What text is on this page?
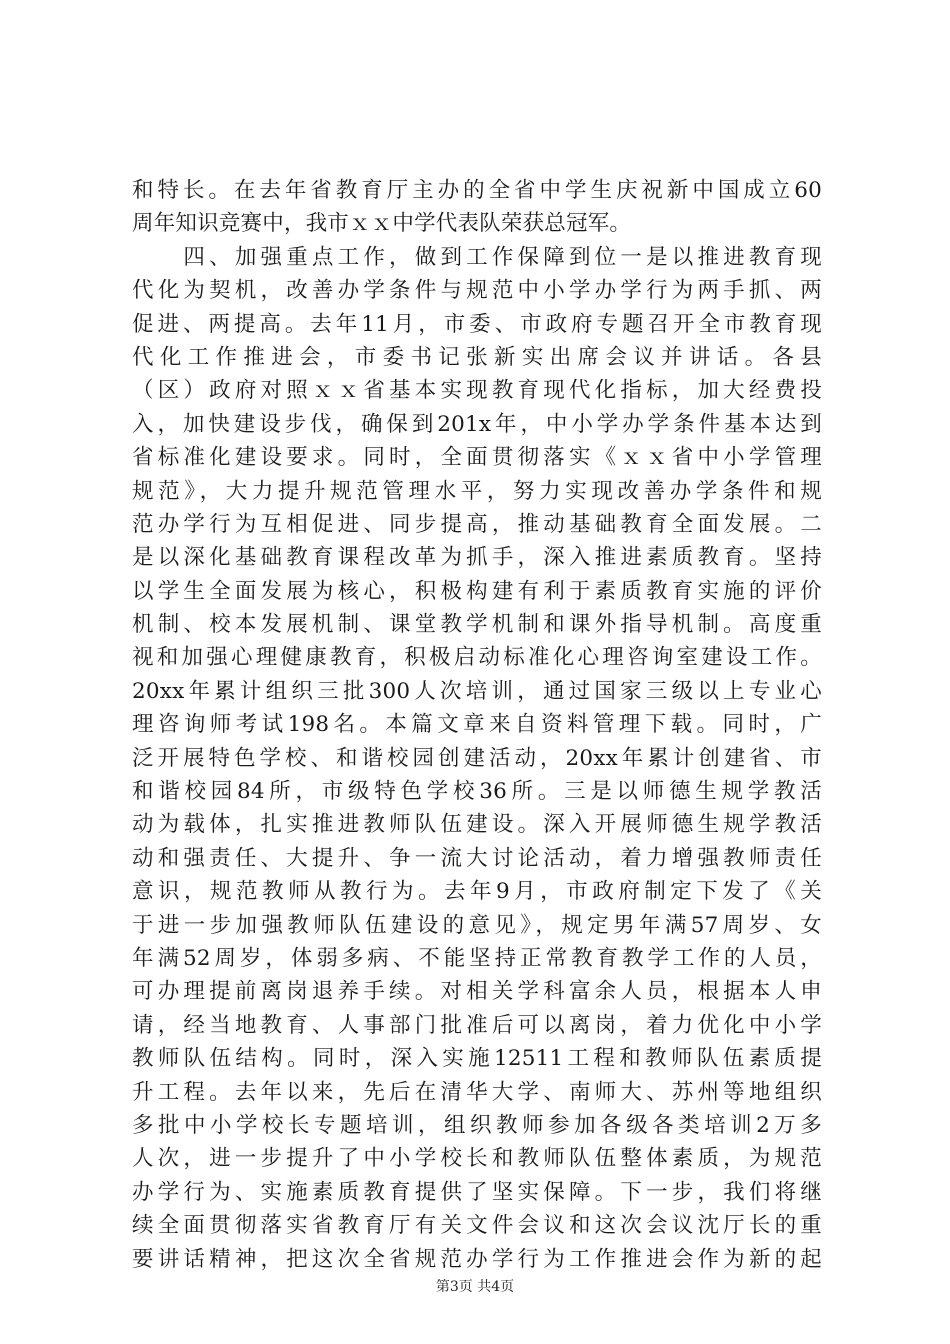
和特长。在去年省教育厅主办的全省中学生庆祝新中国成立60
周年知识竞赛中，我市ｘｘ中学代表队荣获总冠军。
　　四、加强重点工作，做到工作保障到位一是以推进教育现
代化为契机，改善办学条件与规范中小学办学行为两手抓、两
促进、两提高。去年11月，市委、市政府专题召开全市教育现
代化工作推进会，市委书记张新实出席会议并讲话。各县
（区）政府对照ｘｘ省基本实现教育现代化指标，加大经费投
入，加快建设步伐，确保到201x年，中小学办学条件基本达到
省标准化建设要求。同时，全面贯彻落实《ｘｘ省中小学管理
规范》，大力提升规范管理水平，努力实现改善办学条件和规
范办学行为互相促进、同步提高，推动基础教育全面发展。二
是以深化基础教育课程改革为抓手，深入推进素质教育。坚持
以学生全面发展为核心，积极构建有利于素质教育实施的评价
机制、校本发展机制、课堂教学机制和课外指导机制。高度重
视和加强心理健康教育，积极启动标准化心理咨询室建设工作。
20xx年累计组织三批300人次培训，通过国家三级以上专业心
理咨询师考试198名。本篇文章来自资料管理下载。同时，广
泛开展特色学校、和谐校园创建活动，20xx年累计创建省、市
和谐校园84所，市级特色学校36所。三是以师德生规学教活
动为载体，扎实推进教师队伍建设。深入开展师德生规学教活
动和强责任、大提升、争一流大讨论活动，着力增强教师责任
意识，规范教师从教行为。去年9月，市政府制定下发了《关
于进一步加强教师队伍建设的意见》，规定男年满57周岁、女
年满52周岁，体弱多病、不能坚持正常教育教学工作的人员，
可办理提前离岗退养手续。对相关学科富余人员，根据本人申
请，经当地教育、人事部门批准后可以离岗，着力优化中小学
教师队伍结构。同时，深入实施12511工程和教师队伍素质提
升工程。去年以来，先后在清华大学、南师大、苏州等地组织
多批中小学校长专题培训，组织教师参加各级各类培训2万多
人次，进一步提升了中小学校长和教师队伍整体素质，为规范
办学行为、实施素质教育提供了坚实保障。下一步，我们将继
续全面贯彻落实省教育厅有关文件会议和这次会议沈厅长的重
要讲话精神，把这次全省规范办学行为工作推进会作为新的起
第3页 共4页
